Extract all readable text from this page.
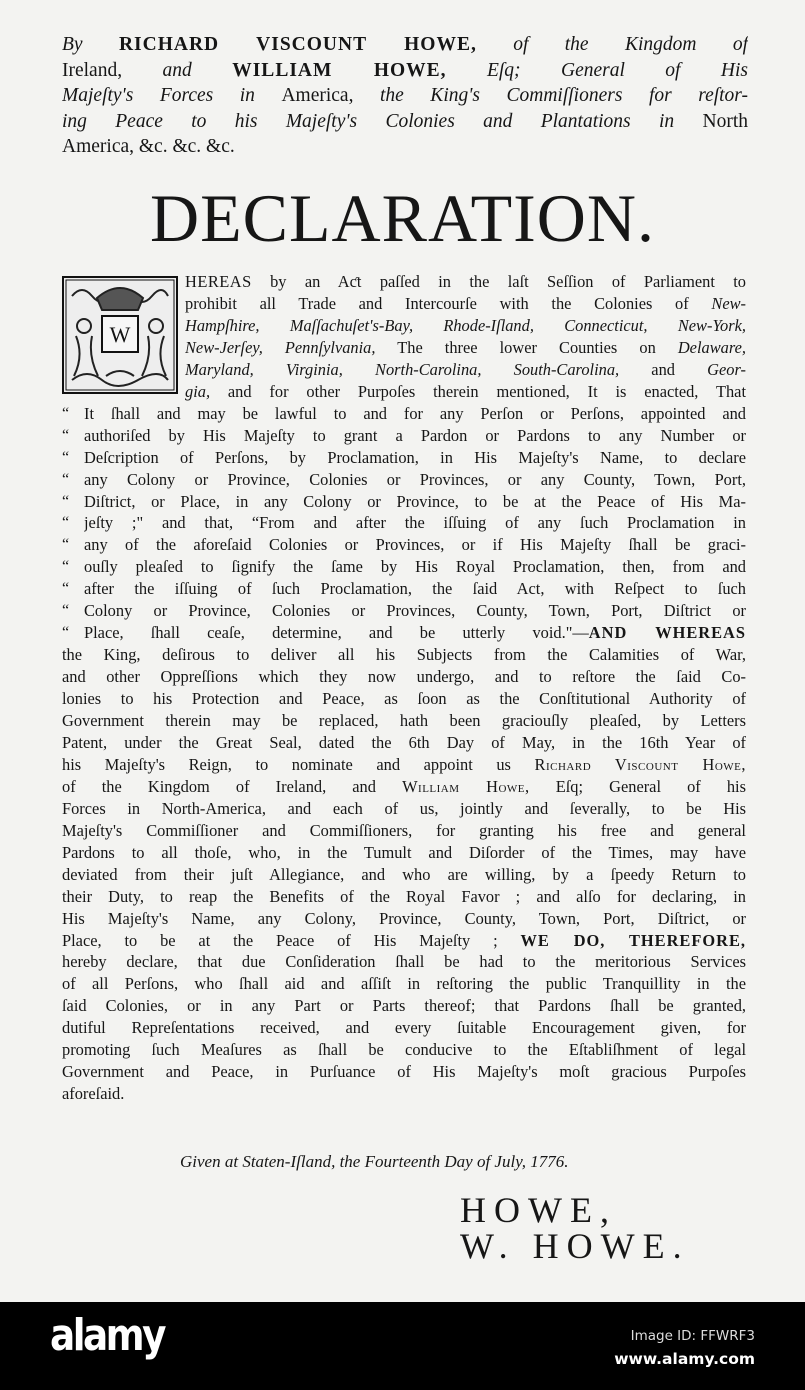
By RICHARD VISCOUNT HOWE, of the Kingdom of
Ireland, and WILLIAM HOWE, Eſq; General of His
Majeſty's Forces in America, the King's Commiſſioners for reſtor-
ing Peace to his Majeſty's Colonies and Plantations in North
America, &c. &c. &c.
DECLARATION.
W
HEREAS by an Aƈt paſſed in the laſt Seſſion of Parliament to
prohibit all Trade and Intercourſe with the Colonies of New-
Hampſhire, Maſſachuſet's-Bay, Rhode-Iſland, Connecticut, New-York,
New-Jerſey, Pennſylvania, The three lower Counties on Delaware,
Maryland, Virginia, North-Carolina, South-Carolina, and Geor-
gia, and for other Purpoſes therein mentioned, It is enacted, That
It ſhall and may be lawful to and for any Perſon or Perſons, appointed and
“
authoriſed by His Majeſty to grant a Pardon or Pardons to any Number or
“
Deſcription of Perſons, by Proclamation, in His Majeſty's Name, to declare
“
any Colony or Province, Colonies or Provinces, or any County, Town, Port,
“
Diſtrict, or Place, in any Colony or Province, to be at the Peace of His Ma-
“
jeſty ;" and that, “From and after the iſſuing of any ſuch Proclamation in
“
any of the aforeſaid Colonies or Provinces, or if His Majeſty ſhall be graci-
“
ouſly pleaſed to ſignify the ſame by His Royal Proclamation, then, from and
“
after the iſſuing of ſuch Proclamation, the ſaid Act, with Reſpect to ſuch
“
Colony or Province, Colonies or Provinces, County, Town, Port, Diſtrict or
“
Place, ſhall ceaſe, determine, and be utterly void."—AND WHEREAS
“
the King, deſirous to deliver all his Subjects from the Calamities of War,
and other Oppreſſions which they now undergo, and to reſtore the ſaid Co-
lonies to his Protection and Peace, as ſoon as the Conſtitutional Authority of
Government therein may be replaced, hath been graciouſly pleaſed, by Letters
Patent, under the Great Seal, dated the 6th Day of May, in the 16th Year of
his Majeſty's Reign, to nominate and appoint us Richard Viscount Howe,
of the Kingdom of Ireland, and William Howe, Eſq; General of his
Forces in North-America, and each of us, jointly and ſeverally, to be His
Majeſty's Commiſſioner and Commiſſioners, for granting his free and general
Pardons to all thoſe, who, in the Tumult and Diſorder of the Times, may have
deviated from their juſt Allegiance, and who are willing, by a ſpeedy Return to
their Duty, to reap the Benefits of the Royal Favor ; and alſo for declaring, in
His Majeſty's Name, any Colony, Province, County, Town, Port, Diſtrict, or
Place, to be at the Peace of His Majeſty ; WE DO, THEREFORE,
hereby declare, that due Conſideration ſhall be had to the meritorious Services
of all Perſons, who ſhall aid and aſſiſt in reſtoring the public Tranquillity in the
ſaid Colonies, or in any Part or Parts thereof; that Pardons ſhall be granted,
dutiful Repreſentations received, and every ſuitable Encouragement given, for
promoting ſuch Meaſures as ſhall be conducive to the Eſtabliſhment of legal
Government and Peace, in Purſuance of His Majeſty's moſt gracious Purpoſes
aforeſaid.
Given at Staten-Iſland, the Fourteenth Day of July, 1776.
HOWE,
W. HOWE.
alamy	Image ID: FFWRF3
www.alamy.com
